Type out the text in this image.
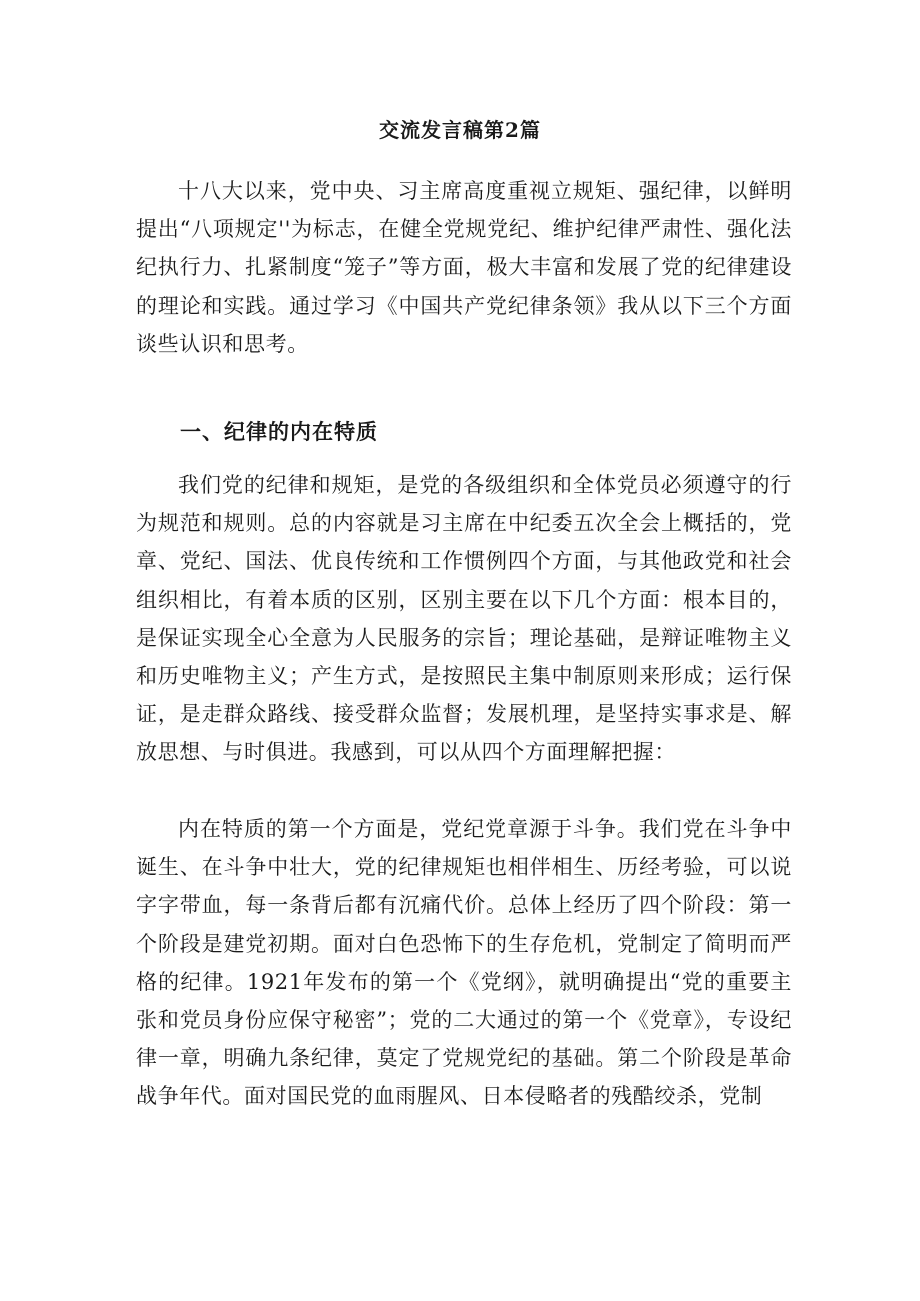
交流发言稿第2篇

十八大以来，党中央、习主席高度重视立规矩、强纪律，以鲜明提出“八项规定''为标志，在健全党规党纪、维护纪律严肃性、强化法纪执行力、扎紧制度“笼子”等方面，极大丰富和发展了党的纪律建设的理论和实践。通过学习《中国共产党纪律条领》我从以下三个方面谈些认识和思考。

一、纪律的内在特质

我们党的纪律和规矩，是党的各级组织和全体党员必须遵守的行为规范和规则。总的内容就是习主席在中纪委五次全会上概括的，党章、党纪、国法、优良传统和工作惯例四个方面，与其他政党和社会组织相比，有着本质的区别，区别主要在以下几个方面：根本目的，是保证实现全心全意为人民服务的宗旨；理论基础，是辩证唯物主义和历史唯物主义；产生方式，是按照民主集中制原则来形成；运行保证，是走群众路线、接受群众监督；发展机理，是坚持实事求是、解放思想、与时俱进。我感到，可以从四个方面理解把握：

内在特质的第一个方面是，党纪党章源于斗争。我们党在斗争中诞生、在斗争中壮大，党的纪律规矩也相伴相生、历经考验，可以说字字带血，每一条背后都有沉痛代价。总体上经历了四个阶段：第一个阶段是建党初期。面对白色恐怖下的生存危机，党制定了简明而严格的纪律。1921年发布的第一个《党纲》，就明确提出“党的重要主张和党员身份应保守秘密”；党的二大通过的第一个《党章》，专设纪律一章，明确九条纪律，莫定了党规党纪的基础。第二个阶段是革命战争年代。面对国民党的血雨腥风、日本侵略者的残酷绞杀，党制
